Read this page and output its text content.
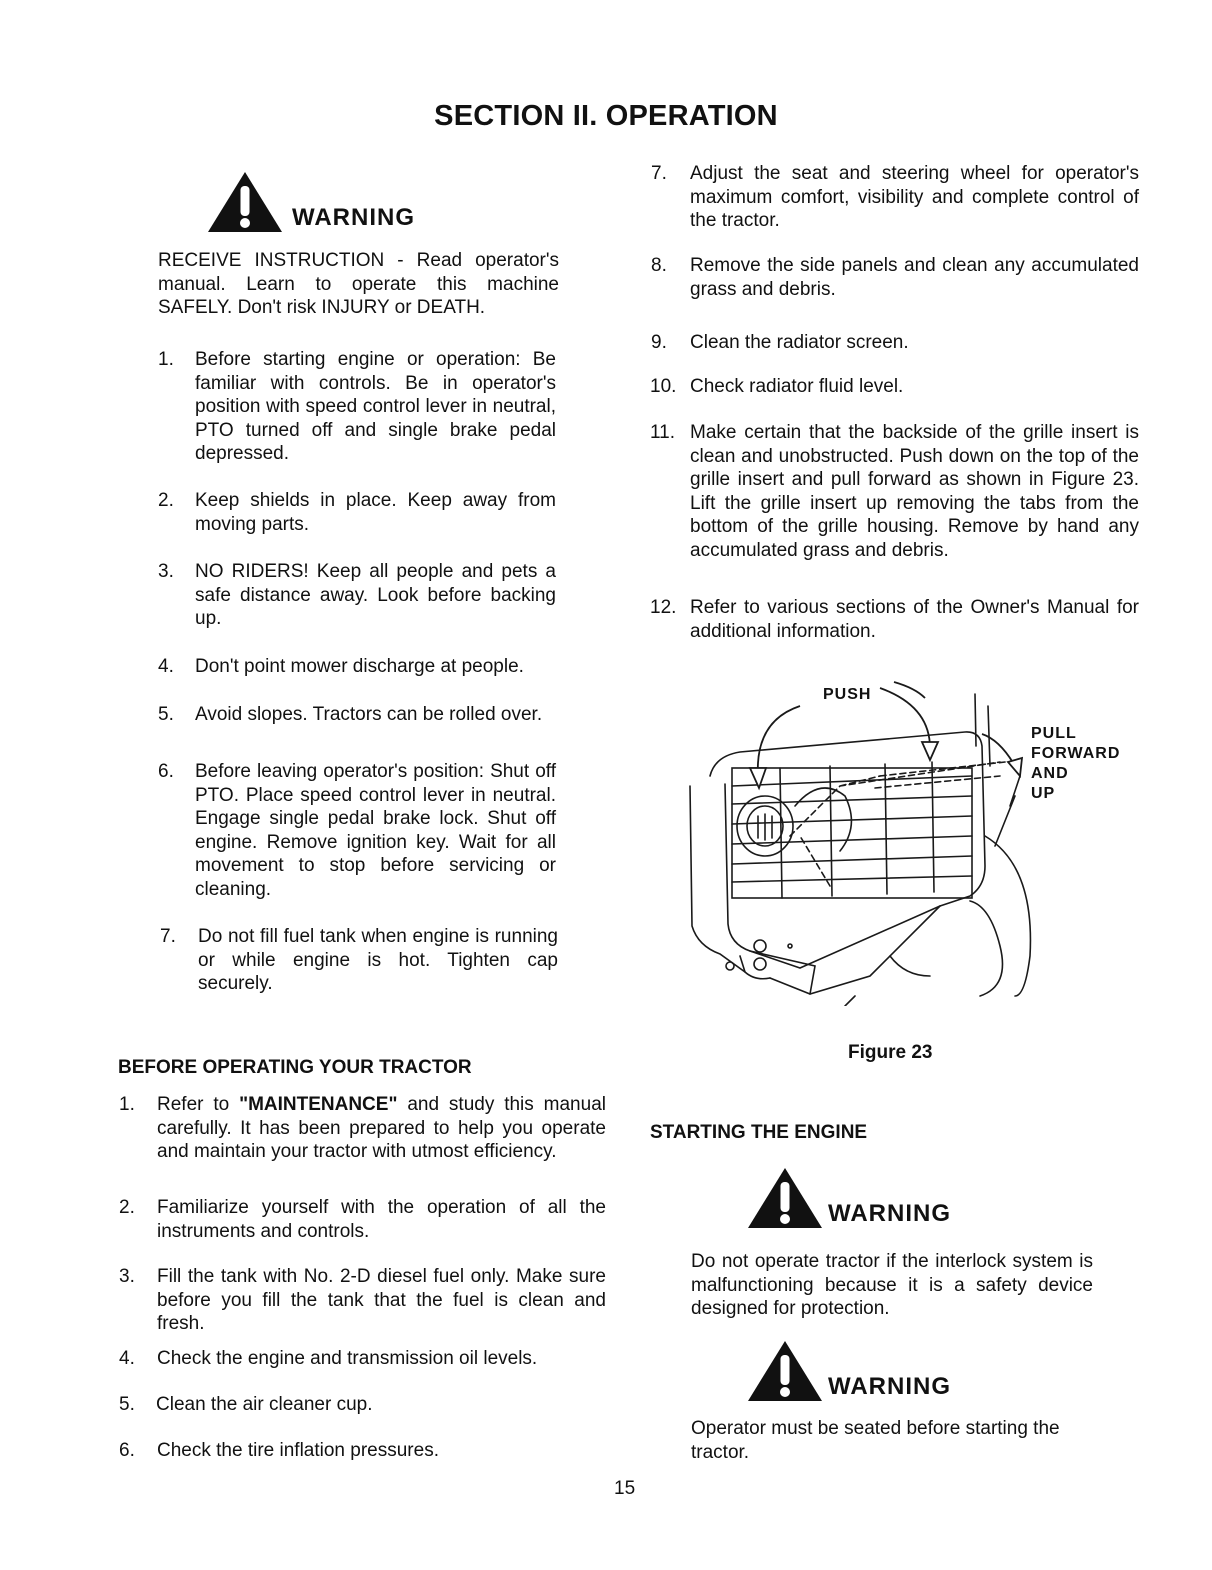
SECTION II. OPERATION
WARNING
RECEIVE INSTRUCTION - Read operator's manual. Learn to operate this machine SAFELY. Don't risk INJURY or DEATH.
1.	Before starting engine or operation: Be familiar with controls. Be in operator's position with speed control lever in neutral, PTO turned off and single brake pedal depressed.
2.	Keep shields in place. Keep away from moving parts.
3.	NO RIDERS! Keep all people and pets a safe distance away. Look before backing up.
4.	Don't point mower discharge at people.
5.	Avoid slopes. Tractors can be rolled over.
6.	Before leaving operator's position: Shut off PTO. Place speed control lever in neutral. Engage single pedal brake lock. Shut off engine. Remove ignition key. Wait for all movement to stop before servicing or cleaning.
7.	Do not fill fuel tank when engine is running or while engine is hot. Tighten cap securely.
BEFORE OPERATING YOUR TRACTOR
1.	Refer to "MAINTENANCE" and study this manual carefully. It has been prepared to help you operate and maintain your tractor with utmost efficiency.
2.	Familiarize yourself with the operation of all the instruments and controls.
3.	Fill the tank with No. 2-D diesel fuel only. Make sure before you fill the tank that the fuel is clean and fresh.
4.	Check the engine and transmission oil levels.
5.	Clean the air cleaner cup.
6.	Check the tire inflation pressures.
7.	Adjust the seat and steering wheel for operator's maximum comfort, visibility and complete control of the tractor.
8.	Remove the side panels and clean any accumulated grass and debris.
9.	Clean the radiator screen.
10. Check radiator fluid level.
11. Make certain that the backside of the grille insert is clean and unobstructed. Push down on the top of the grille insert and pull forward as shown in Figure 23. Lift the grille insert up removing the tabs from the bottom of the grille housing. Remove by hand any accumulated grass and debris.
12. Refer to various sections of the Owner's Manual for additional information.
PUSH
PULL
FORWARD
AND
UP
Figure 23
STARTING THE ENGINE
WARNING
Do not operate tractor if the interlock system is malfunctioning because it is a safety device designed for protection.
WARNING
Operator must be seated before starting the tractor.
15
